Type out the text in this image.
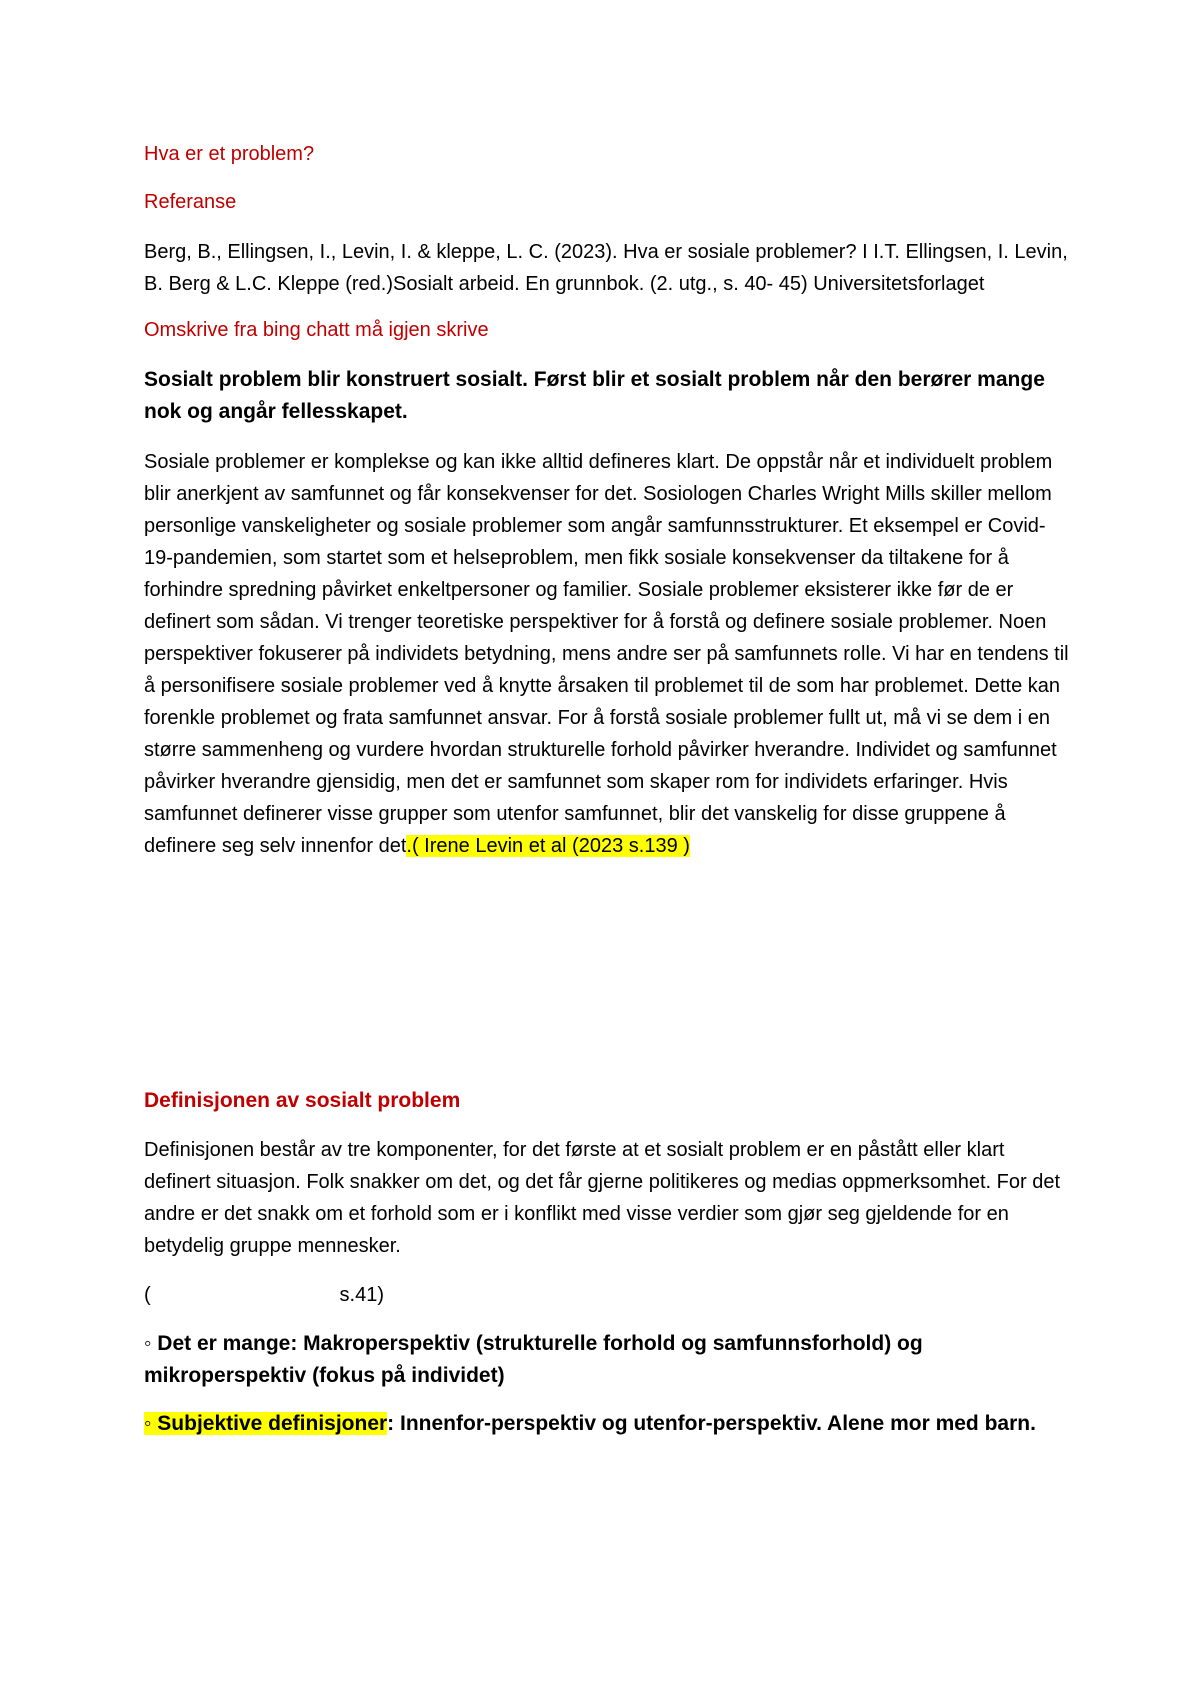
Hva er et problem?

Referanse

Berg, B., Ellingsen, I., Levin, I. & kleppe, L. C. (2023). Hva er sosiale problemer? I I.T. Ellingsen, I. Levin, B. Berg & L.C. Kleppe (red.)Sosialt arbeid. En grunnbok. (2. utg., s. 40- 45) Universitetsforlaget

Omskrive fra bing chatt må igjen skrive

Sosialt problem blir konstruert sosialt. Først blir et sosialt problem når den berører mange nok og angår fellesskapet.

Sosiale problemer er komplekse og kan ikke alltid defineres klart. De oppstår når et individuelt problem blir anerkjent av samfunnet og får konsekvenser for det. Sosiologen Charles Wright Mills skiller mellom personlige vanskeligheter og sosiale problemer som angår samfunnsstrukturer. Et eksempel er Covid-19-pandemien, som startet som et helseproblem, men fikk sosiale konsekvenser da tiltakene for å forhindre spredning påvirket enkeltpersoner og familier. Sosiale problemer eksisterer ikke før de er definert som sådan. Vi trenger teoretiske perspektiver for å forstå og definere sosiale problemer. Noen perspektiver fokuserer på individets betydning, mens andre ser på samfunnets rolle. Vi har en tendens til å personifisere sosiale problemer ved å knytte årsaken til problemet til de som har problemet. Dette kan forenkle problemet og frata samfunnet ansvar. For å forstå sosiale problemer fullt ut, må vi se dem i en større sammenheng og vurdere hvordan strukturelle forhold påvirker hverandre. Individet og samfunnet påvirker hverandre gjensidig, men det er samfunnet som skaper rom for individets erfaringer. Hvis samfunnet definerer visse grupper som utenfor samfunnet, blir det vanskelig for disse gruppene å definere seg selv innenfor det.( Irene Levin et al (2023 s.139 )

Definisjonen av sosialt problem

Definisjonen består av tre komponenter, for det første at et sosialt problem er en påstått eller klart definert situasjon. Folk snakker om det, og det får gjerne politikeres og medias oppmerksomhet. For det andre er det snakk om et forhold som er i konflikt med visse verdier som gjør seg gjeldende for en betydelig gruppe mennesker.

(	s.41)

◦ Det er mange: Makroperspektiv (strukturelle forhold og samfunnsforhold) og mikroperspektiv (fokus på individet)

◦ Subjektive definisjoner: Innenfor-perspektiv og utenfor-perspektiv. Alene mor med barn.
